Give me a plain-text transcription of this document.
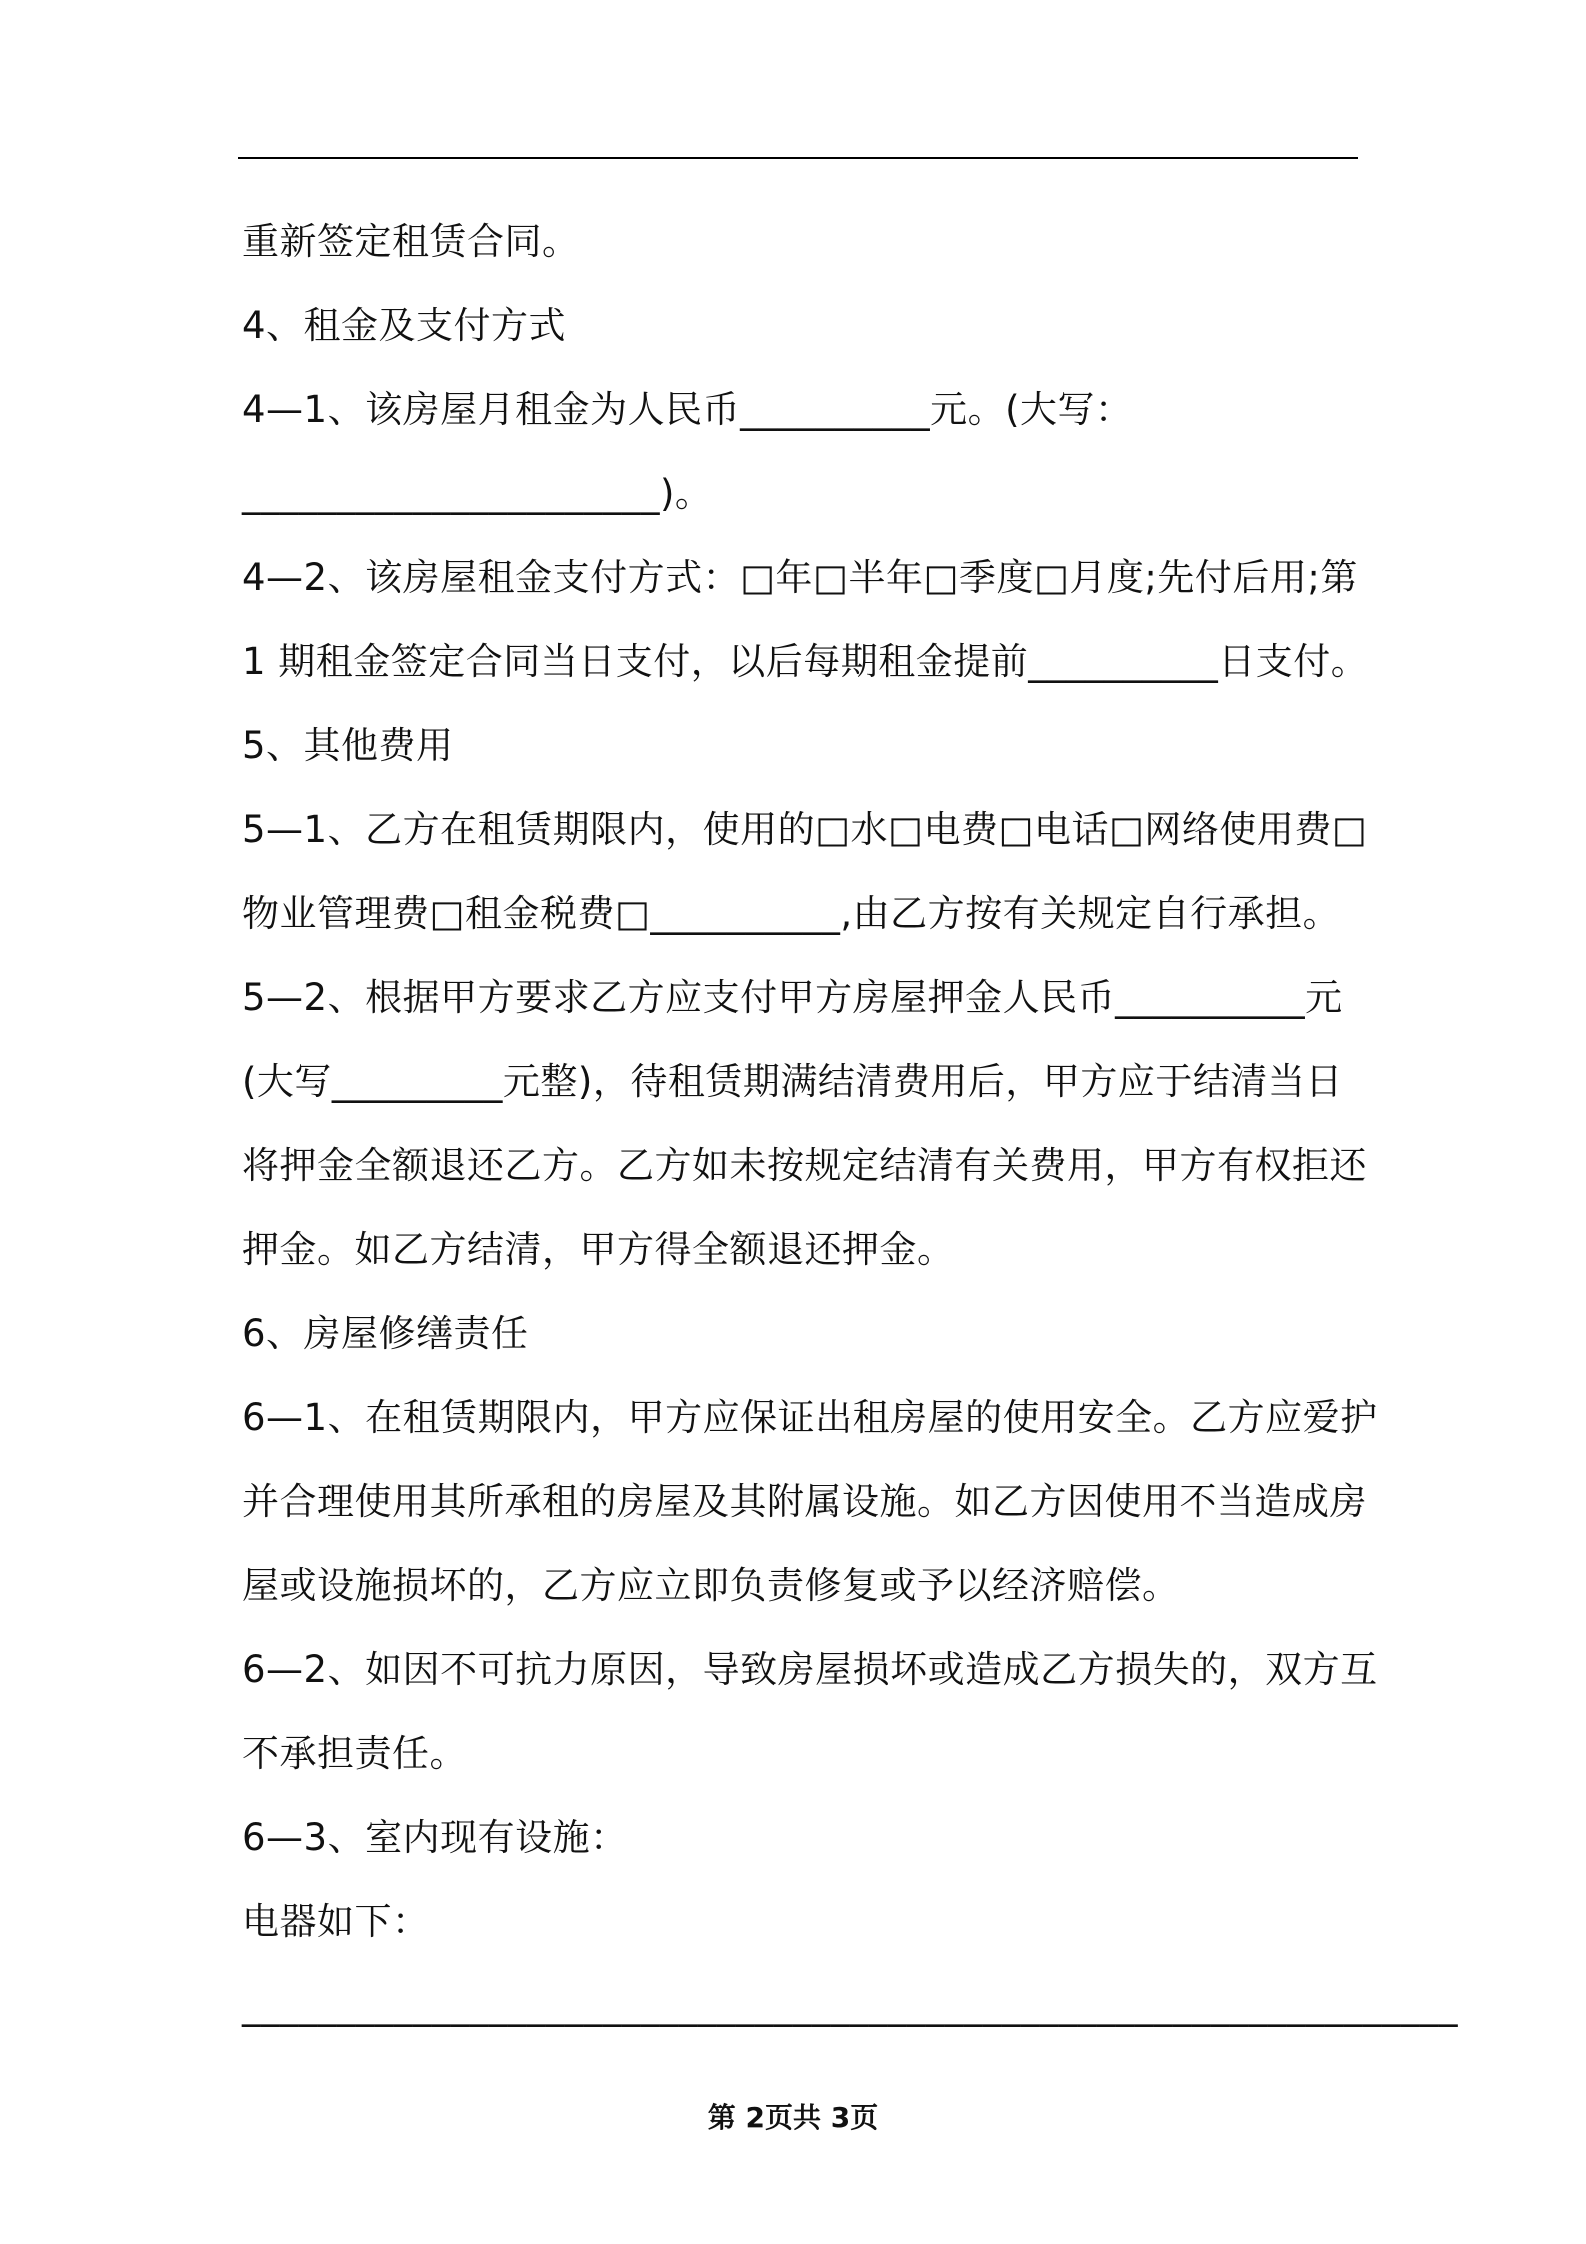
重新签定租赁合同。
4、租金及支付方式
4—1、该房屋月租金为人民币__________元。(大写：
______________________)。
4—2、该房屋租金支付方式：□年□半年□季度□月度;先付后用;第
1 期租金签定合同当日支付，以后每期租金提前__________日支付。
5、其他费用
5—1、乙方在租赁期限内，使用的□水□电费□电话□网络使用费□
物业管理费□租金税费□__________,由乙方按有关规定自行承担。
5—2、根据甲方要求乙方应支付甲方房屋押金人民币__________元
(大写_________元整)，待租赁期满结清费用后，甲方应于结清当日
将押金全额退还乙方。乙方如未按规定结清有关费用，甲方有权拒还
押金。如乙方结清，甲方得全额退还押金。
6、房屋修缮责任
6—1、在租赁期限内，甲方应保证出租房屋的使用安全。乙方应爱护
并合理使用其所承租的房屋及其附属设施。如乙方因使用不当造成房
屋或设施损坏的，乙方应立即负责修复或予以经济赔偿。
6—2、如因不可抗力原因，导致房屋损坏或造成乙方损失的，双方互
不承担责任。
6—3、室内现有设施：
电器如下：
________________________________________________________________
第 2页共 3页
